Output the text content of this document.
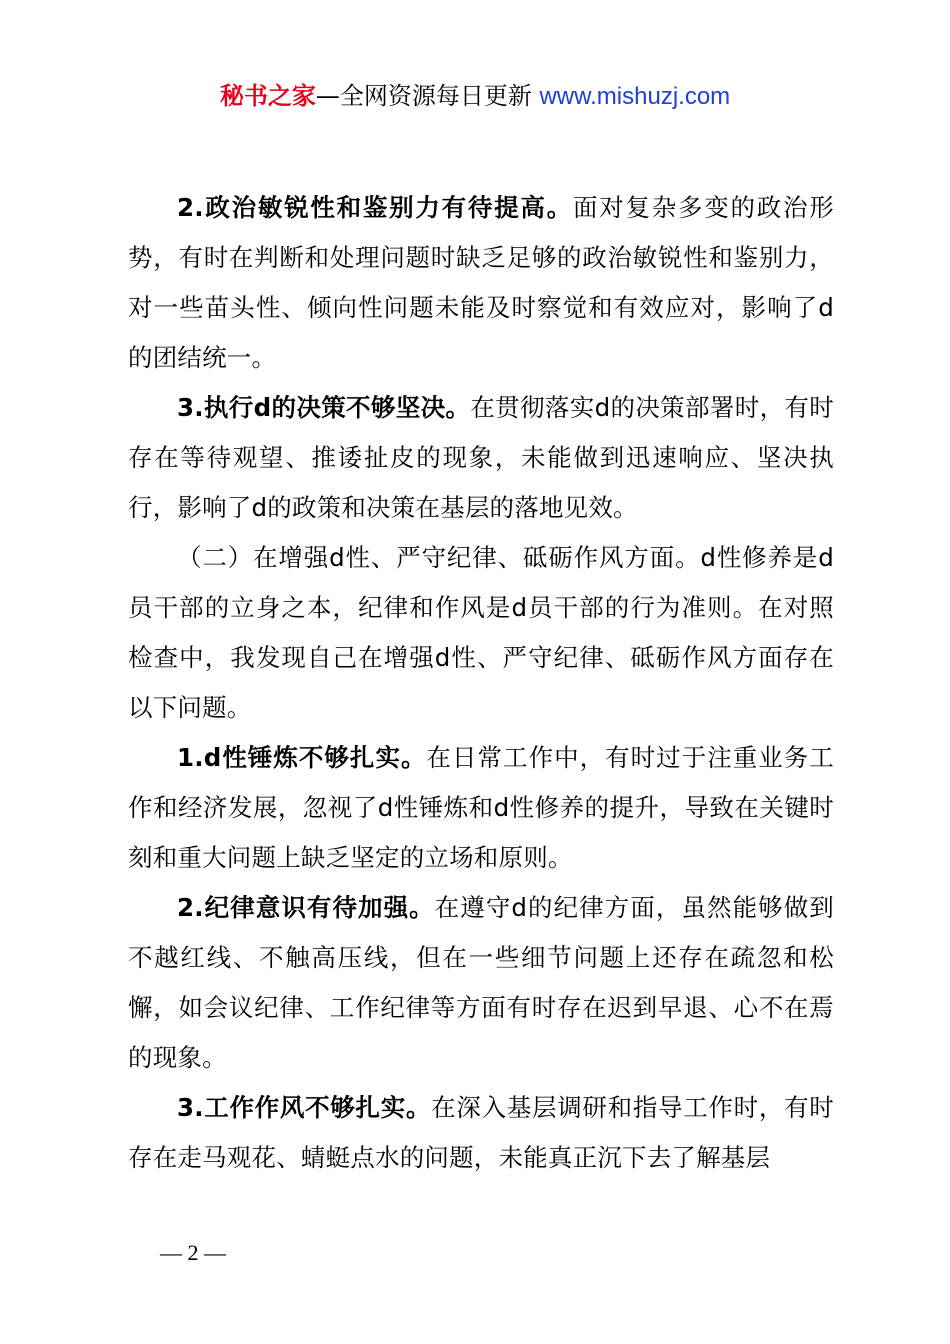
秘书之家—全网资源每日更新 www.mishuzj.com

2.政治敏锐性和鉴别力有待提高。面对复杂多变的政治形势，有时在判断和处理问题时缺乏足够的政治敏锐性和鉴别力，对一些苗头性、倾向性问题未能及时察觉和有效应对，影响了d的团结统一。

3.执行d的决策不够坚决。在贯彻落实d的决策部署时，有时存在等待观望、推诿扯皮的现象，未能做到迅速响应、坚决执行，影响了d的政策和决策在基层的落地见效。

（二）在增强d性、严守纪律、砥砺作风方面。d性修养是d员干部的立身之本，纪律和作风是d员干部的行为准则。在对照检查中，我发现自己在增强d性、严守纪律、砥砺作风方面存在以下问题。

1.d性锤炼不够扎实。在日常工作中，有时过于注重业务工作和经济发展，忽视了d性锤炼和d性修养的提升，导致在关键时刻和重大问题上缺乏坚定的立场和原则。

2.纪律意识有待加强。在遵守d的纪律方面，虽然能够做到不越红线、不触高压线，但在一些细节问题上还存在疏忽和松懈，如会议纪律、工作纪律等方面有时存在迟到早退、心不在焉的现象。

3.工作作风不够扎实。在深入基层调研和指导工作时，有时存在走马观花、蜻蜓点水的问题，未能真正沉下去了解基层

— 2 —
